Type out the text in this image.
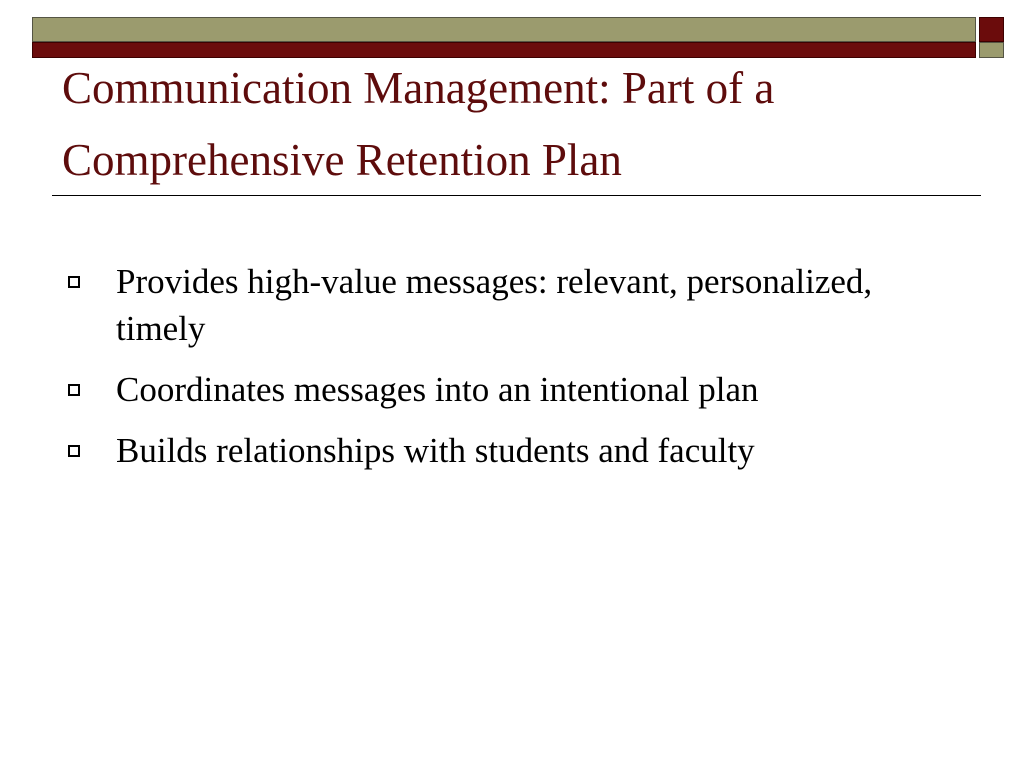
Communication Management: Part of a Comprehensive Retention Plan
Provides high-value messages: relevant, personalized, timely
Coordinates messages into an intentional plan
Builds relationships with students and faculty
